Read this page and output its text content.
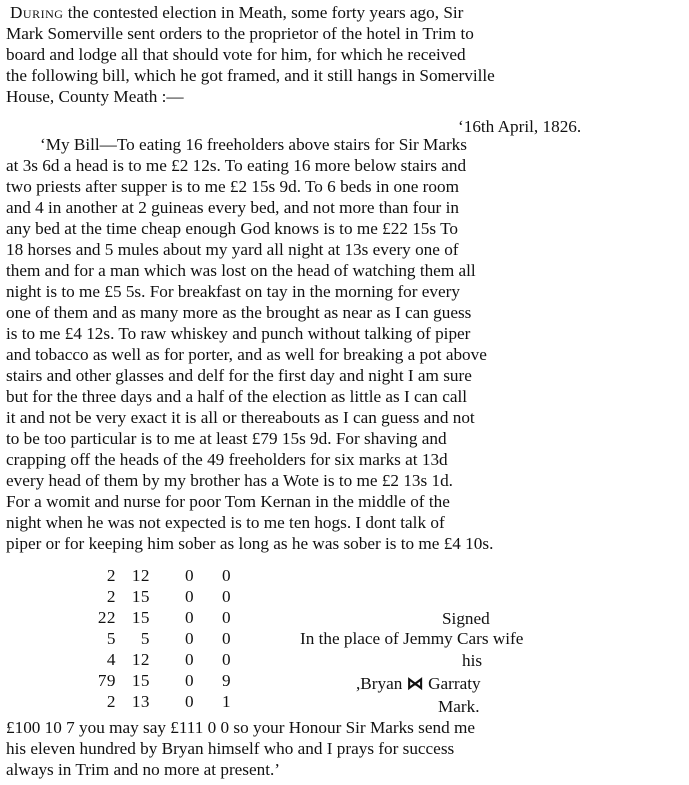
During the contested election in Meath, some forty years ago, Sir
Mark Somerville sent orders to the proprietor of the hotel in Trim to
board and lodge all that should vote for him, for which he received
the following bill, which he got framed, and it still hangs in Somerville
House, County Meath :—
‘16th April, 1826.
‘My Bill—To eating 16 freeholders above stairs for Sir Marks
at 3s 6d a head is to me £2 12s. To eating 16 more below stairs and
two priests after supper is to me £2 15s 9d. To 6 beds in one room
and 4 in another at 2 guineas every bed, and not more than four in
any bed at the time cheap enough God knows is to me £22 15s To
18 horses and 5 mules about my yard all night at 13s every one of
them and for a man which was lost on the head of watching them all
night is to me £5 5s. For breakfast on tay in the morning for every
one of them and as many more as the brought as near as I can guess
is to me £4 12s. To raw whiskey and punch without talking of piper
and tobacco as well as for porter, and as well for breaking a pot above
stairs and other glasses and delf for the first day and night I am sure
but for the three days and a half of the election as little as I can call
it and not be very exact it is all or thereabouts as I can guess and not
to be too particular is to me at least £79 15s 9d. For shaving and
crapping off the heads of the 49 freeholders for six marks at 13d
every head of them by my brother has a Wote is to me £2 13s 1d.
For a womit and nurse for poor Tom Kernan in the middle of the
night when he was not expected is to me ten hogs. I dont talk of
piper or for keeping him sober as long as he was sober is to me £4 10s.
2 12 0 0
2 15 0 0
22 15 0 0
5	5 0 0
4 12 0 0
79 15 0 9
2 13 0 1
Signed
In the place of Jemmy Cars wife
his
,Bryan ⋈ Garraty
Mark.
£100 10 7 you may say £111 0 0 so your Honour Sir Marks send me
his eleven hundred by Bryan himself who and I prays for success
always in Trim and no more at present.’
